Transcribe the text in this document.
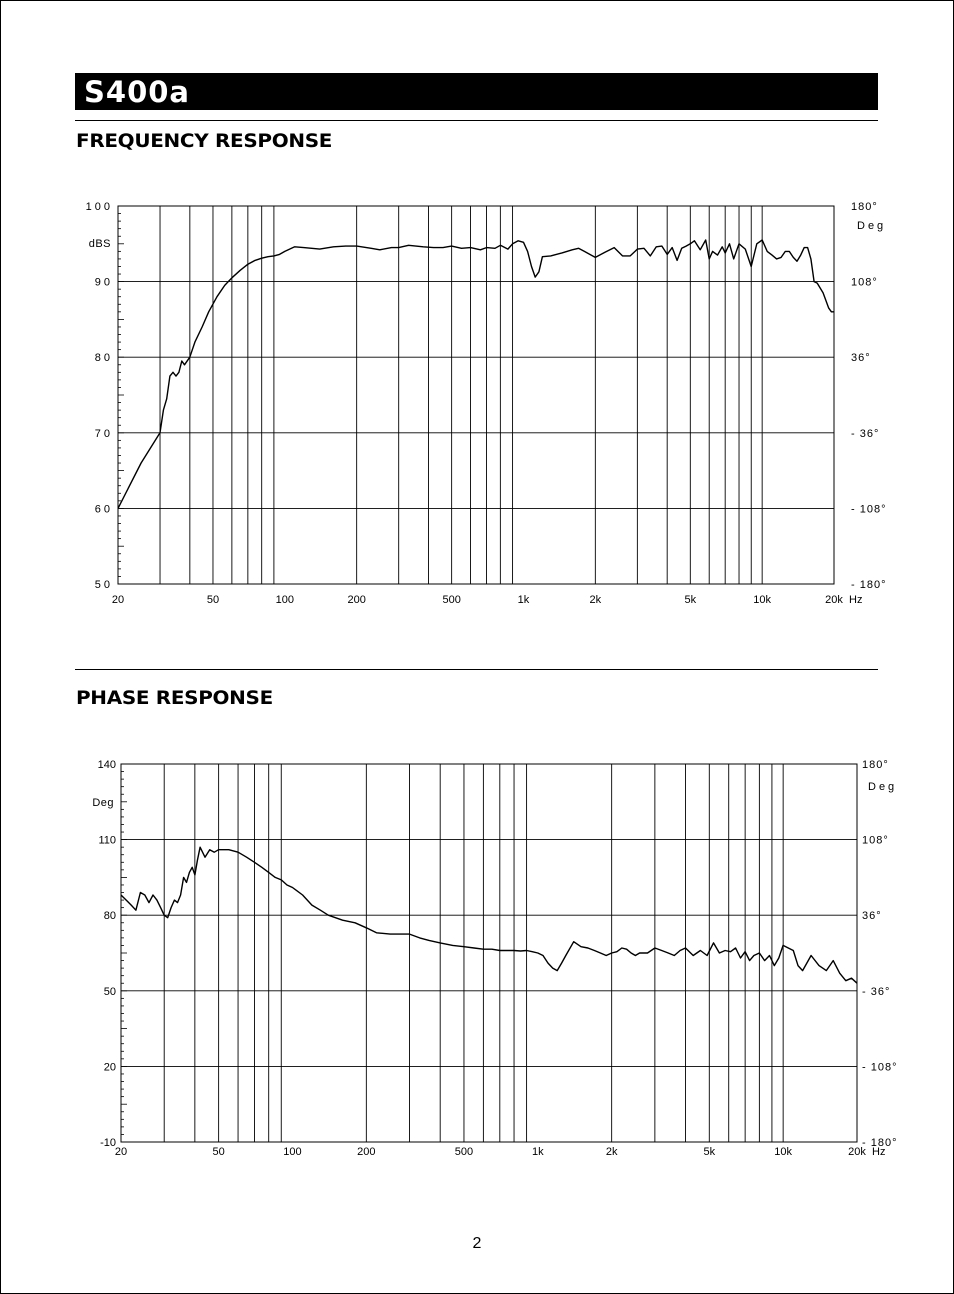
S400a
FREQUENCY RESPONSE
100
90
80
70
60
50
dBS
180°
108°
36°
- 36°
- 108°
- 180°
Deg
20	50	100	200	500	1k	2k	5k	10k	20k Hz
PHASE RESPONSE
140
110
80
50
20
-10
Deg
180°
108°
36°
- 36°
- 108°
- 180°
Deg
20	50	100	200	500	1k	2k	5k	10k	20k Hz
2
